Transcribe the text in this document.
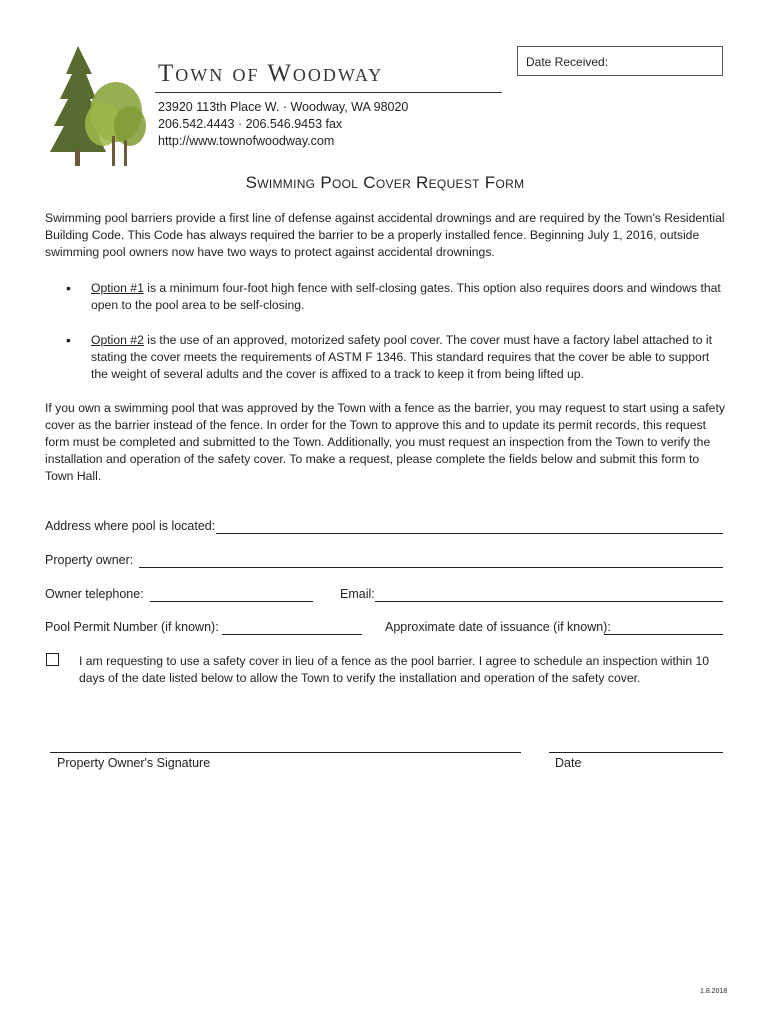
Town of Woodway
23920 113th Place W. · Woodway, WA 98020
206.542.4443 · 206.546.9453 fax
http://www.townofwoodway.com
Date Received:
Swimming Pool Cover Request Form
Swimming pool barriers provide a first line of defense against accidental drownings and are required by the Town's Residential Building Code. This Code has always required the barrier to be a properly installed fence. Beginning July 1, 2016, outside swimming pool owners now have two ways to protect against accidental drownings.
• Option #1 is a minimum four-foot high fence with self-closing gates. This option also requires doors and windows that open to the pool area to be self-closing.
• Option #2 is the use of an approved, motorized safety pool cover. The cover must have a factory label attached to it stating the cover meets the requirements of ASTM F 1346. This standard requires that the cover be able to support the weight of several adults and the cover is affixed to a track to keep it from being lifted up.
If you own a swimming pool that was approved by the Town with a fence as the barrier, you may request to start using a safety cover as the barrier instead of the fence. In order for the Town to approve this and to update its permit records, this request form must be completed and submitted to the Town. Additionally, you must request an inspection from the Town to verify the installation and operation of the safety cover. To make a request, please complete the fields below and submit this form to Town Hall.
Address where pool is located:
Property owner:
Owner telephone:	Email:
Pool Permit Number (if known):	Approximate date of issuance (if known):
I am requesting to use a safety cover in lieu of a fence as the pool barrier. I agree to schedule an inspection within 10 days of the date listed below to allow the Town to verify the installation and operation of the safety cover.
Property Owner's Signature	Date
1.8.2018
